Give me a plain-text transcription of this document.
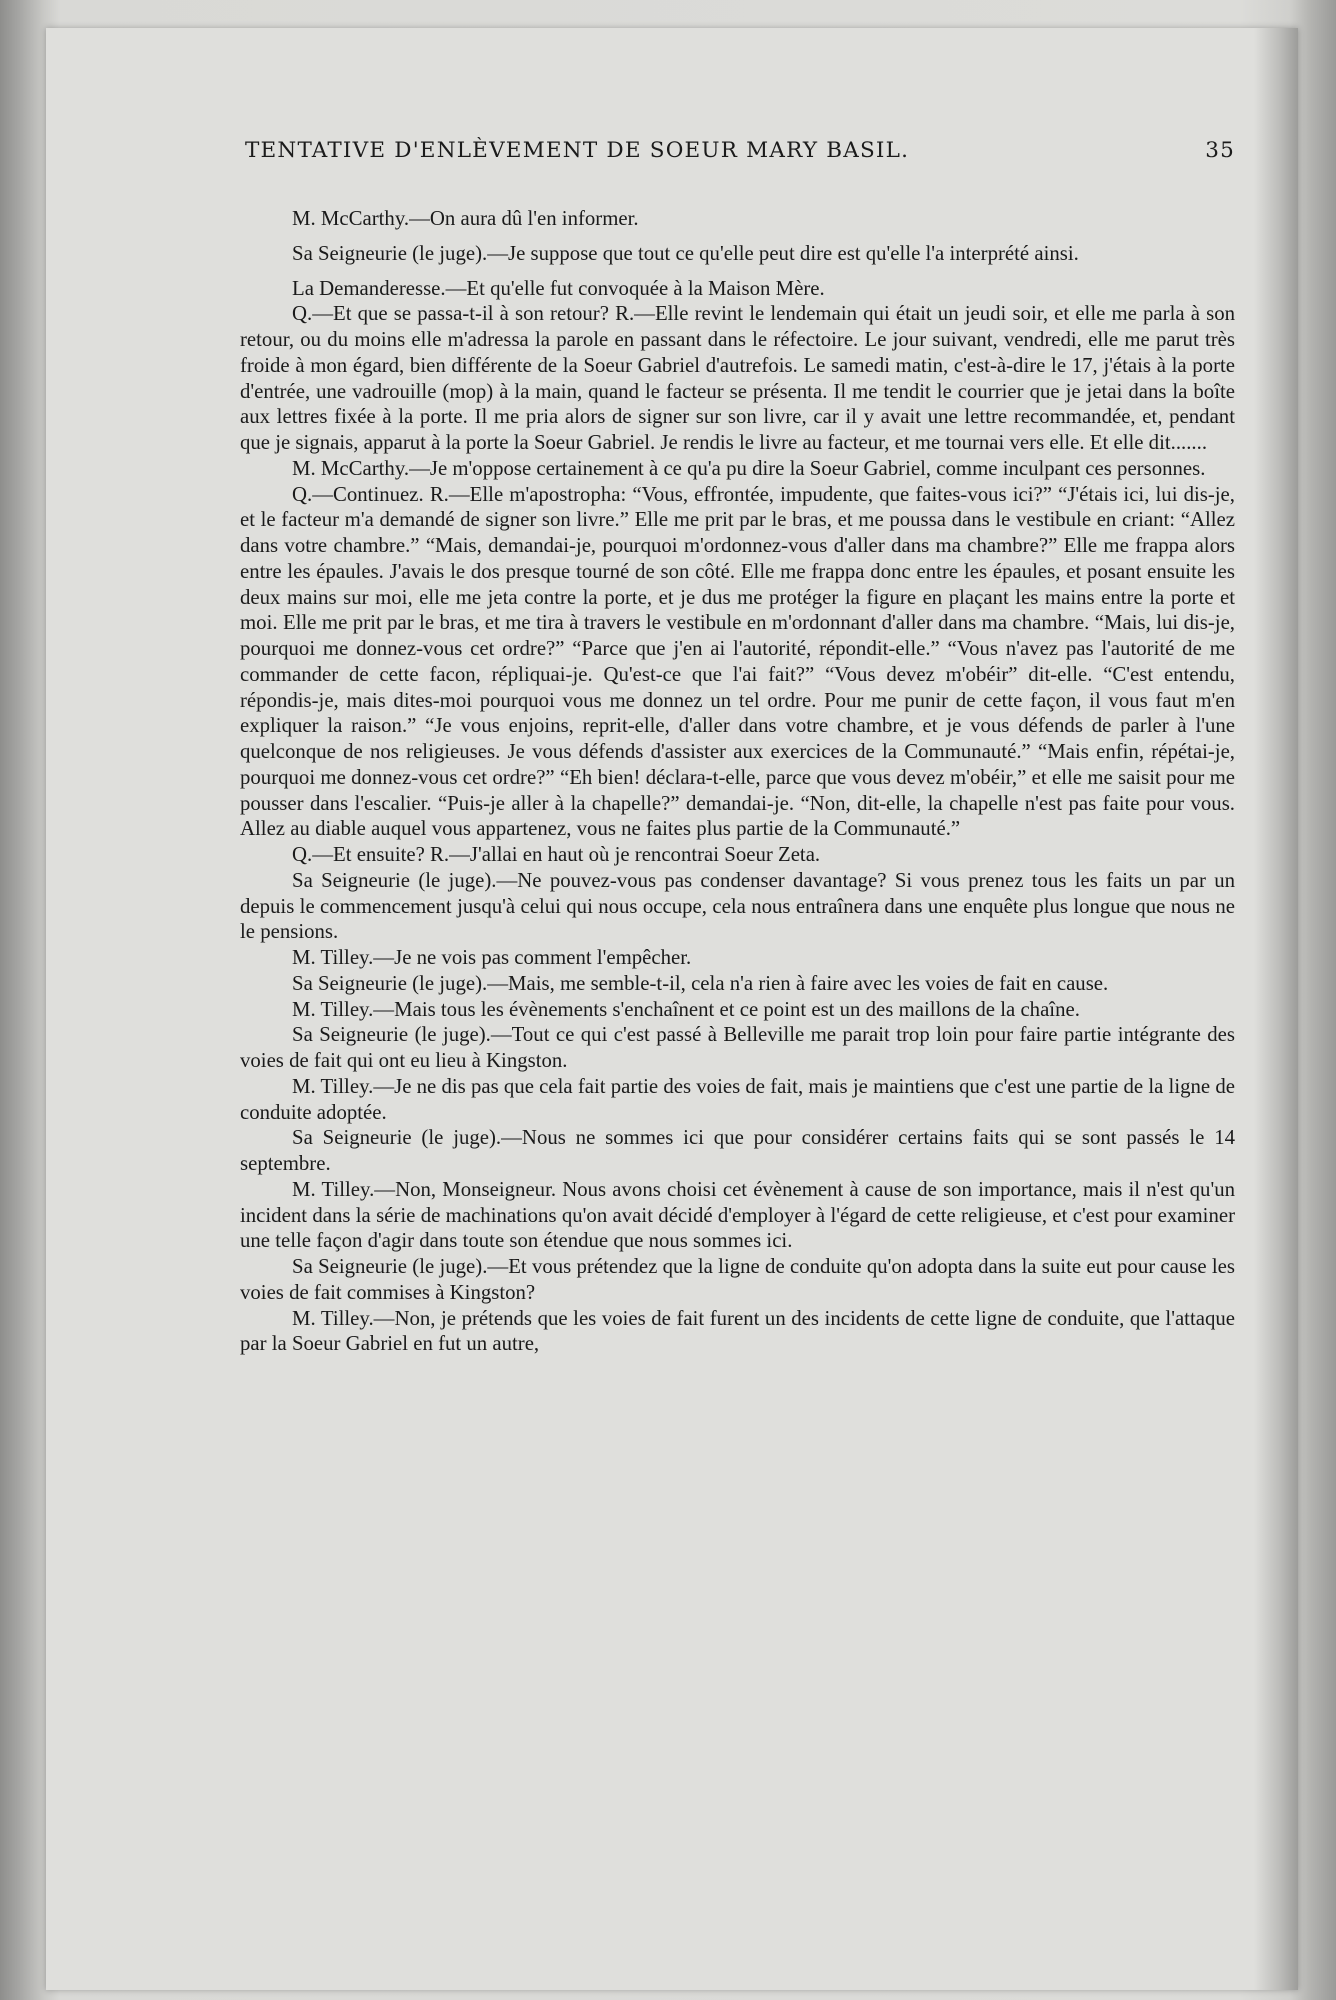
TENTATIVE D'ENLÈVEMENT DE SOEUR MARY BASIL.	35

M. McCarthy.—On aura dû l'en informer.

Sa Seigneurie (le juge).—Je suppose que tout ce qu'elle peut dire est qu'elle l'a interprété ainsi.

La Demanderesse.—Et qu'elle fut convoquée à la Maison Mère.

Q.—Et que se passa-t-il à son retour? R.—Elle revint le lendemain qui était un jeudi soir, et elle me parla à son retour, ou du moins elle m'adressa la parole en passant dans le réfectoire. Le jour suivant, vendredi, elle me parut très froide à mon égard, bien différente de la Soeur Gabriel d'autrefois. Le samedi matin, c'est-à-dire le 17, j'étais à la porte d'entrée, une vadrouille (mop) à la main, quand le facteur se présenta. Il me tendit le courrier que je jetai dans la boîte aux lettres fixée à la porte. Il me pria alors de signer sur son livre, car il y avait une lettre recommandée, et, pendant que je signais, apparut à la porte la Soeur Gabriel. Je rendis le livre au facteur, et me tournai vers elle. Et elle dit.......

M. McCarthy.—Je m'oppose certainement à ce qu'a pu dire la Soeur Gabriel, comme inculpant ces personnes.

Q.—Continuez. R.—Elle m'apostropha: “Vous, effrontée, impudente, que faites-vous ici?” “J'étais ici, lui dis-je, et le facteur m'a demandé de signer son livre.” Elle me prit par le bras, et me poussa dans le vestibule en criant: “Allez dans votre chambre.” “Mais, demandai-je, pourquoi m'ordonnez-vous d'aller dans ma chambre?” Elle me frappa alors entre les épaules. J'avais le dos presque tourné de son côté. Elle me frappa donc entre les épaules, et posant ensuite les deux mains sur moi, elle me jeta contre la porte, et je dus me protéger la figure en plaçant les mains entre la porte et moi. Elle me prit par le bras, et me tira à travers le vestibule en m'ordonnant d'aller dans ma chambre. “Mais, lui dis-je, pourquoi me donnez-vous cet ordre?” “Parce que j'en ai l'autorité, répondit-elle.” “Vous n'avez pas l'autorité de me commander de cette facon, répliquai-je. Qu'est-ce que l'ai fait?” “Vous devez m'obéir” dit-elle. “C'est entendu, répondis-je, mais dites-moi pourquoi vous me donnez un tel ordre. Pour me punir de cette façon, il vous faut m'en expliquer la raison.” “Je vous enjoins, reprit-elle, d'aller dans votre chambre, et je vous défends de parler à l'une quelconque de nos religieuses. Je vous défends d'assister aux exercices de la Communauté.” “Mais enfin, répétai-je, pourquoi me donnez-vous cet ordre?” “Eh bien! déclara-t-elle, parce que vous devez m'obéir,” et elle me saisit pour me pousser dans l'escalier. “Puis-je aller à la chapelle?” demandai-je. “Non, dit-elle, la chapelle n'est pas faite pour vous. Allez au diable auquel vous appartenez, vous ne faites plus partie de la Communauté.”

Q.—Et ensuite? R.—J'allai en haut où je rencontrai Soeur Zeta.

Sa Seigneurie (le juge).—Ne pouvez-vous pas condenser davantage? Si vous prenez tous les faits un par un depuis le commencement jusqu'à celui qui nous occupe, cela nous entraînera dans une enquête plus longue que nous ne le pensions.

M. Tilley.—Je ne vois pas comment l'empêcher.

Sa Seigneurie (le juge).—Mais, me semble-t-il, cela n'a rien à faire avec les voies de fait en cause.

M. Tilley.—Mais tous les évènements s'enchaînent et ce point est un des maillons de la chaîne.

Sa Seigneurie (le juge).—Tout ce qui c'est passé à Belleville me parait trop loin pour faire partie intégrante des voies de fait qui ont eu lieu à Kingston.

M. Tilley.—Je ne dis pas que cela fait partie des voies de fait, mais je maintiens que c'est une partie de la ligne de conduite adoptée.

Sa Seigneurie (le juge).—Nous ne sommes ici que pour considérer certains faits qui se sont passés le 14 septembre.

M. Tilley.—Non, Monseigneur. Nous avons choisi cet évènement à cause de son importance, mais il n'est qu'un incident dans la série de machinations qu'on avait décidé d'employer à l'égard de cette religieuse, et c'est pour examiner une telle façon d'agir dans toute son étendue que nous sommes ici.

Sa Seigneurie (le juge).—Et vous prétendez que la ligne de conduite qu'on adopta dans la suite eut pour cause les voies de fait commises à Kingston?

M. Tilley.—Non, je prétends que les voies de fait furent un des incidents de cette ligne de conduite, que l'attaque par la Soeur Gabriel en fut un autre,
